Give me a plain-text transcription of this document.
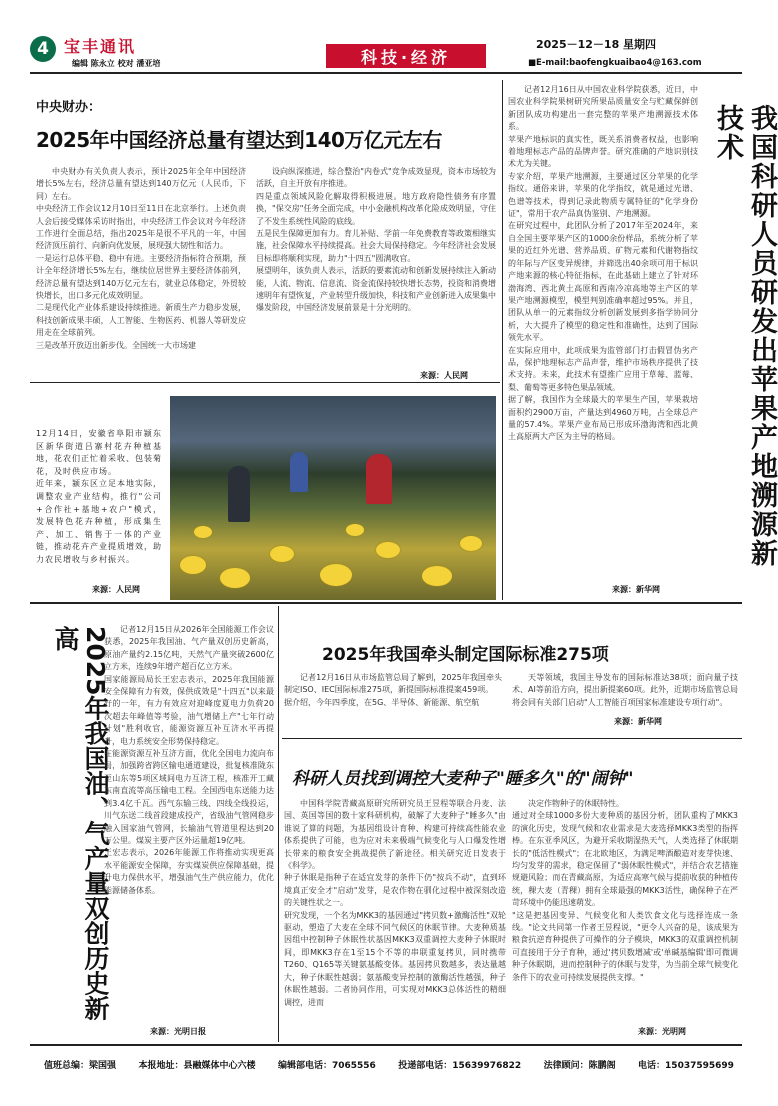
4 宝丰通讯
编辑 陈永立 校对 潘亚培	科技·经济
2025－12－18 星期四
■E-mail:baofengkuaibao4@163.com
中央财办：
2025年中国经济总量有望达到140万亿元左右
中央财办有关负责人表示，预计2025年全年中国经济增长5%左右，经济总量有望达到140万亿元（人民币，下同）左右。
中央经济工作会议12月10日至11日在北京举行。上述负责人会后接受媒体采访时指出，中央经济工作会议对今年经济工作进行全面总结，指出2025年是很不平凡的一年，中国经济顶压前行、向新向优发展，展现强大韧性和活力。
一是运行总体平稳、稳中有进。主要经济指标符合预期，预计全年经济增长5%左右，继续位居世界主要经济体前列，经济总量有望达到140万亿元左右，就业总体稳定，外贸较快增长，出口多元化成效明显。
二是现代化产业体系建设持续推进。新质生产力稳步发展，科技创新成果丰硕，人工智能、生物医药、机器人等研发应用走在全球前列。
三是改革开放迈出新步伐。全国统一大市场建
设向纵深推进，综合整治"内卷式"竞争成效显现，资本市场较为活跃，自主开放有序推进。
四是重点领域风险化解取得积极进展。地方政府隐性债务有序置换，"保交房"任务全面完成，中小金融机构改革化险成效明显，守住了不发生系统性风险的底线。
五是民生保障更加有力。育儿补贴、学前一年免费教育等政策相继实施，社会保障水平持续提高。社会大局保持稳定。今年经济社会发展目标即将顺利实现，助力"十四五"圆满收官。
展望明年，该负责人表示，活跃的要素流动和创新发展持续注入新动能，人流、物流、信息流、资金流保持较快增长态势，投资和消费增速明年有望恢复，产业转型升级加快，科技和产业创新进入成果集中爆发阶段，中国经济发展前景是十分光明的。
来源：人民网
12月14日，安徽省阜阳市颍东区新华街道吕寨村花卉种植基地，花农们正忙着采收、包装菊花，及时供应市场。
近年来，颍东区立足本地实际，调整农业产业结构，推行"公司+合作社+基地+农户"模式，发展特色花卉种植，形成集生产、加工、销售于一体的产业链，推动花卉产业提质增效，助力农民增收与乡村振兴。
来源：人民网
记者12月16日从中国农业科学院获悉，近日，中国农业科学院果树研究所果品质量安全与贮藏保鲜创新团队成功构建出一套完整的苹果产地溯源技术体系。
苹果产地标识的真实性，既关系消费者权益，也影响着地理标志产品的品牌声誉。研究准确的产地识别技术尤为关键。
专家介绍，苹果产地溯源，主要通过区分苹果的化学指纹。通俗来讲，苹果的化学指纹，就是通过光谱、色谱等技术，得到记录此物质专属特征的"化学身份证"，常用于农产品真伪鉴别、产地溯源。
在研究过程中，此团队分析了2017年至2024年，来自全国主要苹果产区的1000余份样品，系统分析了苹果的近红外光谱、营养品质、矿物元素和代谢物指纹的年际与产区变异规律，并筛选出40余项可用于标识产地来源的核心特征指标，在此基础上建立了针对环渤海湾、西北黄土高原和西南冷凉高地等主产区的苹果产地溯源模型，模型判别准确率超过95%。并且，团队从单一的元素指纹分析创新发展到多指学协同分析，大大提升了模型的稳定性和准确性，达到了国际领先水平。
在实际应用中，此项成果为监管部门打击假冒伪劣产品，保护地理标志产品声誉，维护市场秩序提供了技术支持。未来，此技术有望推广应用于草莓、蓝莓、梨、葡萄等更多特色果品领域。
据了解，我国作为全球最大的苹果生产国，苹果栽培面积约2900万亩，产量达到4960万吨，占全球总产量的57.4%。苹果产业布局已形成环渤海湾和西北黄土高原两大产区为主导的格局。
来源：新华网
我国科研人员研发出苹果产地溯源新技术
2025年我国油、气产量双创历史新高	记者12月15日从2026年全国能源工作会议获悉，2025年我国油、气产量双创历史新高，原油产量约2.15亿吨，天然气产量突破2600亿立方米，连续9年增产超百亿立方米。
国家能源局局长王宏志表示，2025年我国能源安全保障有力有效，保供成效是"十四五"以来最好的一年，有力有效应对迎峰度夏电力负荷20次超去年峰值等考验，油气增储上产"七年行动计划"胜利收官，能源资源互补互济水平再提升，电力系统安全形势保持稳定。
在能源资源互补互济方面，优化全国电力流向布局，加强跨省跨区输电通道建设，批复核准陇东至山东等5项区域间电力互济工程，核准开工藏东南直流等高压输电工程。全国西电东送能力达到3.4亿千瓦。西气东输三线、四线全线投运，川气东送二线首段建成投产，省级油气管网稳步融入国家油气管网，长输油气管道里程达到20万公里。煤炭主要产区外运量超19亿吨。
王宏志表示，2026年能源工作将推动实现更高水平能源安全保障，夯实煤炭供应保障基础，提升电力保供水平，增强油气生产供应能力，优化能源储备体系。
来源：光明日报
2025年我国牵头制定国际标准275项
记者12月16日从市场监管总局了解到，2025年我国牵头制定ISO、IEC国际标准275项，新提国际标准提案459项。
据介绍，今年四季度，在5G、半导体、新能源、航空航
天等领域，我国主导发布的国际标准达38项；面向量子技术、AI等前沿方向，提出新提案60项。此外，近期市场监管总局将会同有关部门启动"人工智能百项国家标准建设专项行动"。
来源：新华网
科研人员找到调控大麦种子"睡多久"的"闹钟"
中国科学院青藏高原研究所研究员王昱程等联合丹麦、法国、英国等国的数十家科研机构，破解了大麦种子"睡多久"由谁说了算的问题，为基因组设计育种、构建可持续高性能农业体系提供了可能，也为应对未来极端气候变化与人口爆发性增长带来的粮食安全挑战提供了新途径。相关研究近日发表于《科学》。
种子休眠是指种子在适宜发芽的条件下仍"按兵不动"，直到环境真正安全才"启动"发芽，是农作物在驯化过程中被深刻改造的关键性状之一。
研究发现，一个名为MKK3的基因通过"拷贝数+激酶活性"双轮驱动，塑造了大麦在全球不同气候区的休眠节律。大麦种质基因组中控制种子休眠性状基因MKK3双重调控大麦种子休眠时间，即MKK3存在1至15个不等的串联重复拷贝，同时携带T260、Q165等关键氨基酸变体。基因拷贝数越多，表达量越大，种子休眠性越弱；氨基酸变异控制的激酶活性越强，种子休眠性越弱。二者协同作用，可实现对MKK3总体活性的精细调控，进而
决定作物种子的休眠特性。
通过对全球1000多份大麦种质的基因分析，团队重构了MKK3的演化历史，发现气候和农业需求是大麦选择MKK3类型的指挥棒。在东亚季风区，为避开采收期湿热天气，人类选择了休眠期长的"低活性模式"；在北欧地区，为满足啤酒酿造对麦芽快速、均匀发芽的需求，稳定保留了"弱休眠性模式"，并结合农艺措施规避风险；而在青藏高原，为适应高寒气候与提前收获的种植传统，稞大麦（青稞）拥有全球最强的MKK3活性，确保种子在严苛环境中仍能迅速萌发。
"这是把基因变异、气候变化和人类饮食文化与选择连成一条线。"论文共同第一作者王昱程说，"更令人兴奋的是，该成果为粮食抗逆育种提供了可操作的分子模块，MKK3的双重调控机制可直接用于分子育种，通过'拷贝数增减'或'单碱基编辑'即可微调种子休眠期，进而控制种子的休眠与发芽，为当前全球气候变化条件下的农业可持续发展提供支撑。"
来源：光明网
值班总编：梁国强 本报地址：县融媒体中心六楼 编辑部电话：7065556 投递部电话：15639976822 法律顾问：陈鹏阁 电话：15037595699
